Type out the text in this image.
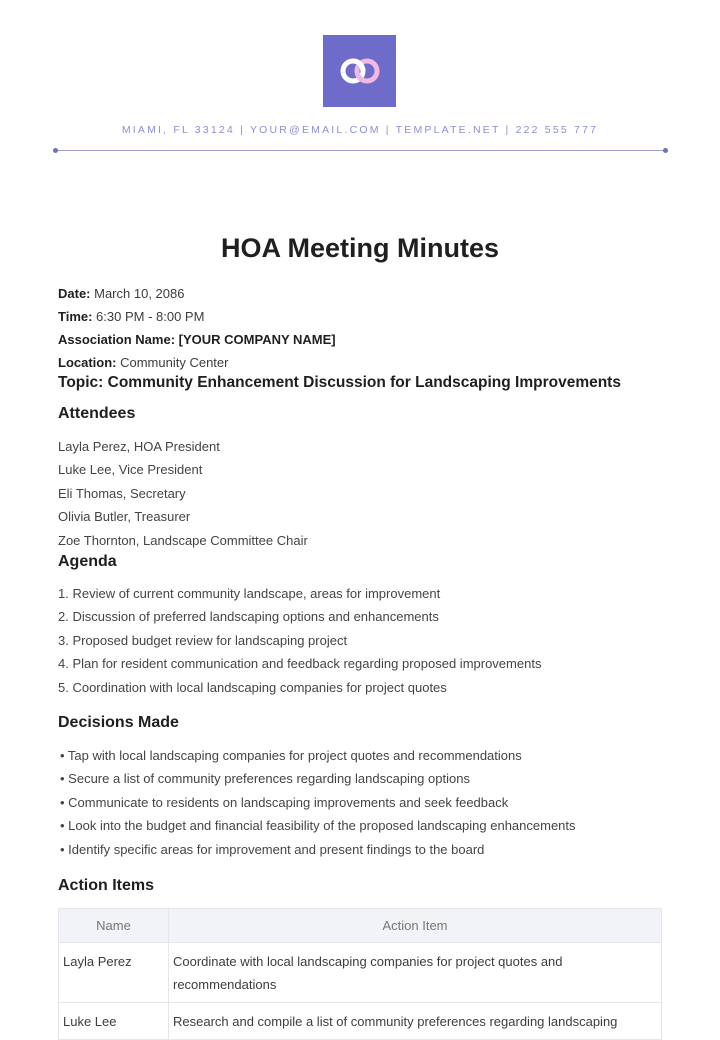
MIAMI, FL 33124 | YOUR@EMAIL.COM | TEMPLATE.NET | 222 555 777
HOA Meeting Minutes
Date: March 10, 2086
Time: 6:30 PM - 8:00 PM
Association Name: [YOUR COMPANY NAME]
Location: Community Center
Topic: Community Enhancement Discussion for Landscaping Improvements
Attendees
Layla Perez, HOA President
Luke Lee, Vice President
Eli Thomas, Secretary
Olivia Butler, Treasurer
Zoe Thornton, Landscape Committee Chair
Agenda
1. Review of current community landscape, areas for improvement
2. Discussion of preferred landscaping options and enhancements
3. Proposed budget review for landscaping project
4. Plan for resident communication and feedback regarding proposed improvements
5. Coordination with local landscaping companies for project quotes
Decisions Made
• Tap with local landscaping companies for project quotes and recommendations
• Secure a list of community preferences regarding landscaping options
• Communicate to residents on landscaping improvements and seek feedback
• Look into the budget and financial feasibility of the proposed landscaping enhancements
• Identify specific areas for improvement and present findings to the board
Action Items
Name	Action Item
Layla Perez	Coordinate with local landscaping companies for project quotes and recommendations
Luke Lee	Research and compile a list of community preferences regarding landscaping
